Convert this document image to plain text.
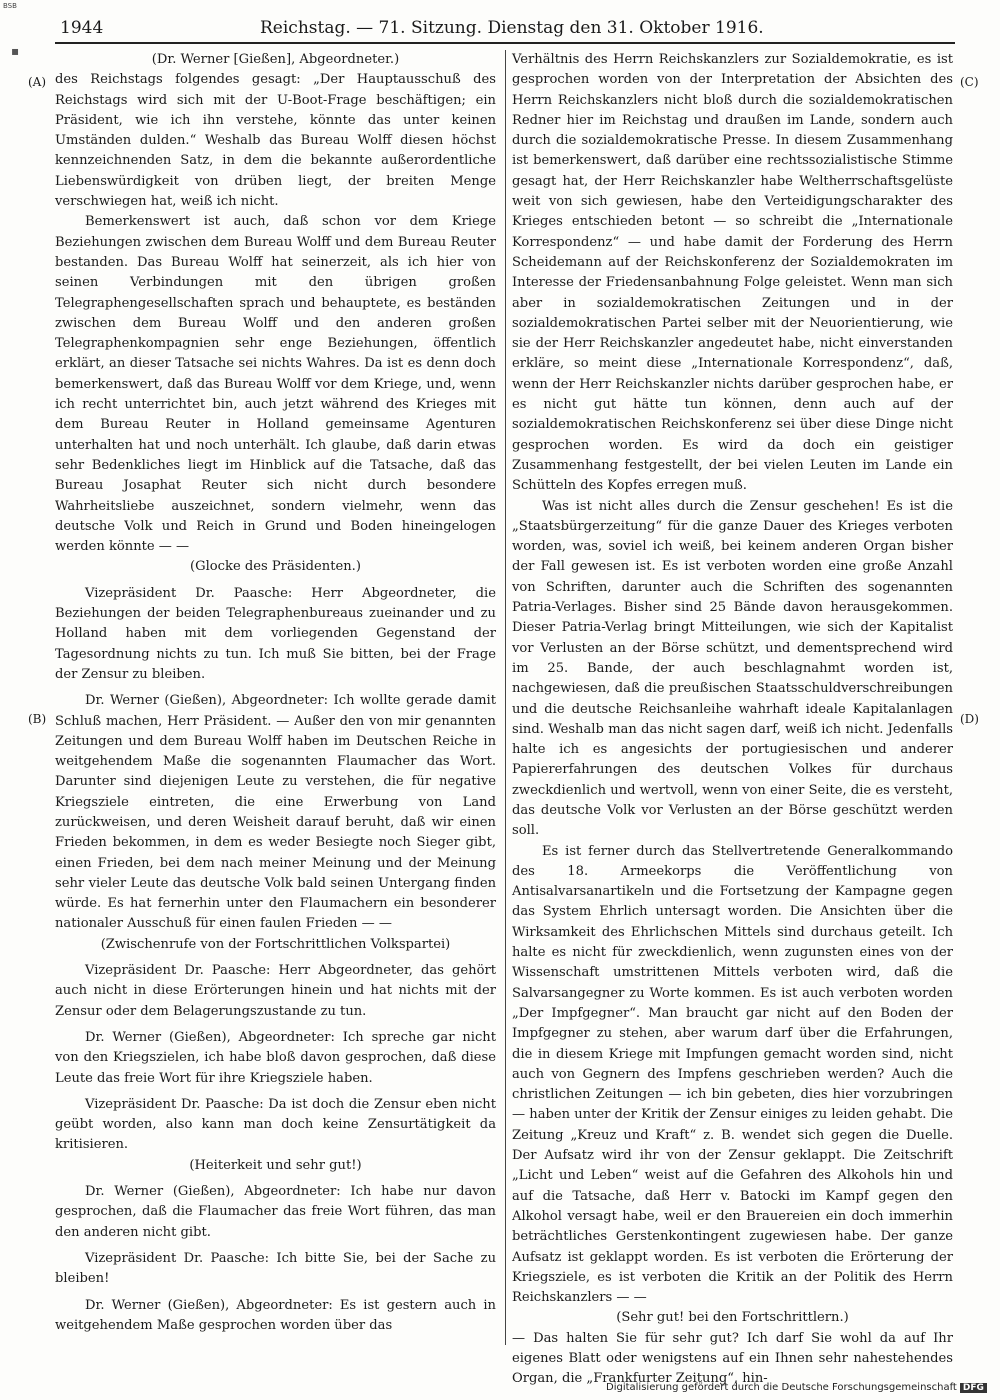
BSB
▪
1944	Reichstag. — 71. Sitzung. Dienstag den 31. Oktober 1916.
(A)
(B)
(C)
(D)

(Dr. Werner [Gießen], Abgeordneter.)

des Reichstags folgendes gesagt: „Der Hauptausschuß des Reichstags wird sich mit der U-Boot-Frage beschäftigen; ein Präsident, wie ich ihn verstehe, könnte das unter keinen Umständen dulden.“ Weshalb das Bureau Wolff diesen höchst kennzeichnenden Satz, in dem die bekannte außerordentliche Liebenswürdigkeit von drüben liegt, der breiten Menge verschwiegen hat, weiß ich nicht.

Bemerkenswert ist auch, daß schon vor dem Kriege Beziehungen zwischen dem Bureau Wolff und dem Bureau Reuter bestanden. Das Bureau Wolff hat seinerzeit, als ich hier von seinen Verbindungen mit den übrigen großen Telegraphengesellschaften sprach und behauptete, es beständen zwischen dem Bureau Wolff und den anderen großen Telegraphenkompagnien sehr enge Beziehungen, öffentlich erklärt, an dieser Tatsache sei nichts Wahres. Da ist es denn doch bemerkenswert, daß das Bureau Wolff vor dem Kriege, und, wenn ich recht unterrichtet bin, auch jetzt während des Krieges mit dem Bureau Reuter in Holland gemeinsame Agenturen unterhalten hat und noch unterhält. Ich glaube, daß darin etwas sehr Bedenkliches liegt im Hinblick auf die Tatsache, daß das Bureau Josaphat Reuter sich nicht durch besondere Wahrheitsliebe auszeichnet, sondern vielmehr, wenn das deutsche Volk und Reich in Grund und Boden hineingelogen werden könnte — —

(Glocke des Präsidenten.)

Vizepräsident Dr. Paasche: Herr Abgeordneter, die Beziehungen der beiden Telegraphenbureaus zueinander und zu Holland haben mit dem vorliegenden Gegenstand der Tagesordnung nichts zu tun. Ich muß Sie bitten, bei der Frage der Zensur zu bleiben.

Dr. Werner (Gießen), Abgeordneter: Ich wollte gerade damit Schluß machen, Herr Präsident. — Außer den von mir genannten Zeitungen und dem Bureau Wolff haben im Deutschen Reiche in weitgehendem Maße die sogenannten Flaumacher das Wort. Darunter sind diejenigen Leute zu verstehen, die für negative Kriegsziele eintreten, die eine Erwerbung von Land zurückweisen, und deren Weisheit darauf beruht, daß wir einen Frieden bekommen, in dem es weder Besiegte noch Sieger gibt, einen Frieden, bei dem nach meiner Meinung und der Meinung sehr vieler Leute das deutsche Volk bald seinen Untergang finden würde. Es hat fernerhin unter den Flaumachern ein besonderer nationaler Ausschuß für einen faulen Frieden — —

(Zwischenrufe von der Fortschrittlichen Volkspartei)

Vizepräsident Dr. Paasche: Herr Abgeordneter, das gehört auch nicht in diese Erörterungen hinein und hat nichts mit der Zensur oder dem Belagerungszustande zu tun.

Dr. Werner (Gießen), Abgeordneter: Ich spreche gar nicht von den Kriegszielen, ich habe bloß davon gesprochen, daß diese Leute das freie Wort für ihre Kriegsziele haben.

Vizepräsident Dr. Paasche: Da ist doch die Zensur eben nicht geübt worden, also kann man doch keine Zensurtätigkeit da kritisieren.

(Heiterkeit und sehr gut!)

Dr. Werner (Gießen), Abgeordneter: Ich habe nur davon gesprochen, daß die Flaumacher das freie Wort führen, das man den anderen nicht gibt.

Vizepräsident Dr. Paasche: Ich bitte Sie, bei der Sache zu bleiben!

Dr. Werner (Gießen), Abgeordneter: Es ist gestern auch in weitgehendem Maße gesprochen worden über das

Verhältnis des Herrn Reichskanzlers zur Sozialdemokratie, es ist gesprochen worden von der Interpretation der Absichten des Herrn Reichskanzlers nicht bloß durch die sozialdemokratischen Redner hier im Reichstag und draußen im Lande, sondern auch durch die sozialdemokratische Presse. In diesem Zusammenhang ist bemerkenswert, daß darüber eine rechtssozialistische Stimme gesagt hat, der Herr Reichskanzler habe Weltherrschaftsgelüste weit von sich gewiesen, habe den Verteidigungscharakter des Krieges entschieden betont — so schreibt die „Internationale Korrespondenz“ — und habe damit der Forderung des Herrn Scheidemann auf der Reichskonferenz der Sozialdemokraten im Interesse der Friedensanbahnung Folge geleistet. Wenn man sich aber in sozialdemokratischen Zeitungen und in der sozialdemokratischen Partei selber mit der Neuorientierung, wie sie der Herr Reichskanzler angedeutet habe, nicht einverstanden erkläre, so meint diese „Internationale Korrespondenz“, daß, wenn der Herr Reichskanzler nichts darüber gesprochen habe, er es nicht gut hätte tun können, denn auch auf der sozialdemokratischen Reichskonferenz sei über diese Dinge nicht gesprochen worden. Es wird da doch ein geistiger Zusammenhang festgestellt, der bei vielen Leuten im Lande ein Schütteln des Kopfes erregen muß.

Was ist nicht alles durch die Zensur geschehen! Es ist die „Staatsbürgerzeitung“ für die ganze Dauer des Krieges verboten worden, was, soviel ich weiß, bei keinem anderen Organ bisher der Fall gewesen ist. Es ist verboten worden eine große Anzahl von Schriften, darunter auch die Schriften des sogenannten Patria-Verlages. Bisher sind 25 Bände davon herausgekommen. Dieser Patria-Verlag bringt Mitteilungen, wie sich der Kapitalist vor Verlusten an der Börse schützt, und dementsprechend wird im 25. Bande, der auch beschlagnahmt worden ist, nachgewiesen, daß die preußischen Staatsschuldverschreibungen und die deutsche Reichsanleihe wahrhaft ideale Kapitalanlagen sind. Weshalb man das nicht sagen darf, weiß ich nicht. Jedenfalls halte ich es angesichts der portugiesischen und anderer Papiererfahrungen des deutschen Volkes für durchaus zweckdienlich und wertvoll, wenn von einer Seite, die es versteht, das deutsche Volk vor Verlusten an der Börse geschützt werden soll.

Es ist ferner durch das Stellvertretende Generalkommando des 18. Armeekorps die Veröffentlichung von Antisalvarsanartikeln und die Fortsetzung der Kampagne gegen das System Ehrlich untersagt worden. Die Ansichten über die Wirksamkeit des Ehrlichschen Mittels sind durchaus geteilt. Ich halte es nicht für zweckdienlich, wenn zugunsten eines von der Wissenschaft umstrittenen Mittels verboten wird, daß die Salvarsangegner zu Worte kommen. Es ist auch verboten worden „Der Impfgegner“. Man braucht gar nicht auf den Boden der Impfgegner zu stehen, aber warum darf über die Erfahrungen, die in diesem Kriege mit Impfungen gemacht worden sind, nicht auch von Gegnern des Impfens geschrieben werden? Auch die christlichen Zeitungen — ich bin gebeten, dies hier vorzubringen — haben unter der Kritik der Zensur einiges zu leiden gehabt. Die Zeitung „Kreuz und Kraft“ z. B. wendet sich gegen die Duelle. Der Aufsatz wird ihr von der Zensur geklappt. Die Zeitschrift „Licht und Leben“ weist auf die Gefahren des Alkohols hin und auf die Tatsache, daß Herr v. Batocki im Kampf gegen den Alkohol versagt habe, weil er den Brauereien ein doch immerhin beträchtliches Gerstenkontingent zugewiesen habe. Der ganze Aufsatz ist geklappt worden. Es ist verboten die Erörterung der Kriegsziele, es ist verboten die Kritik an der Politik des Herrn Reichskanzlers — —

(Sehr gut! bei den Fortschrittlern.)

— Das halten Sie für sehr gut? Ich darf Sie wohl da auf Ihr eigenes Blatt oder wenigstens auf ein Ihnen sehr nahestehendes Organ, die „Frankfurter Zeitung“, hin-

Digitalisierung gefördert durch die Deutsche Forschungsgemeinschaft DFG
